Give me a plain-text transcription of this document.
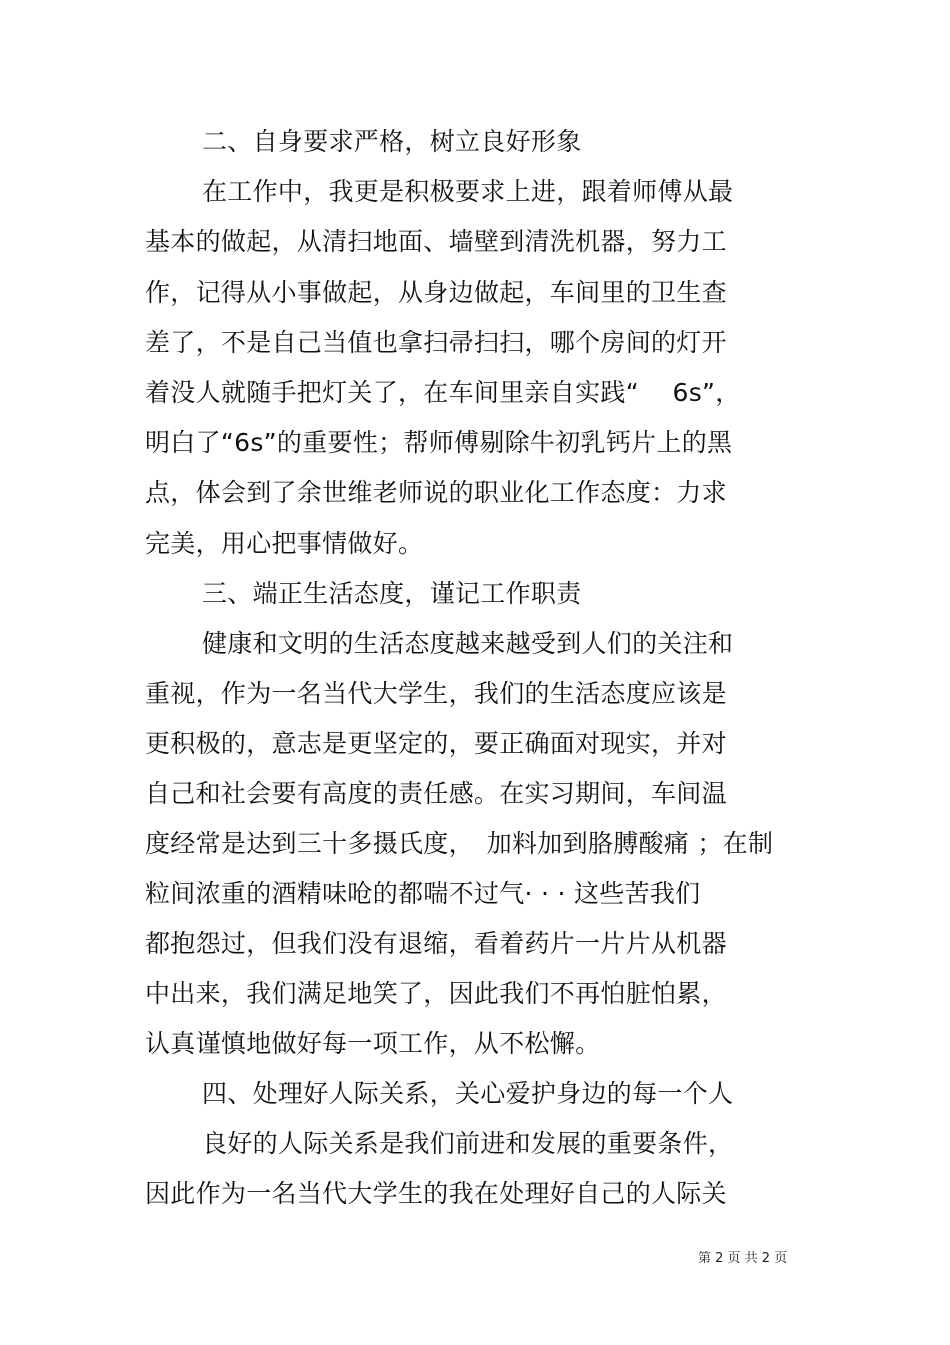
二、自身要求严格，树立良好形象
在工作中，我更是积极要求上进，跟着师傅从最
基本的做起，从清扫地面、墙壁到清洗机器，努力工
作，记得从小事做起，从身边做起，车间里的卫生查
差了，不是自己当值也拿扫帚扫扫，哪个房间的灯开
着没人就随手把灯关了，在车间里亲自实践“　 6s”，
明白了“6s”的重要性；帮师傅剔除牛初乳钙片上的黑
点，体会到了余世维老师说的职业化工作态度：力求
完美，用心把事情做好。
三、端正生活态度，谨记工作职责
健康和文明的生活态度越来越受到人们的关注和
重视，作为一名当代大学生，我们的生活态度应该是
更积极的，意志是更坚定的，要正确面对现实，并对
自己和社会要有高度的责任感。在实习期间，车间温
度经常是达到三十多摄氏度，　加料加到胳膊酸痛 ；在制
粒间浓重的酒精味呛的都喘不过气· · · 这些苦我们
都抱怨过，但我们没有退缩，看着药片一片片从机器
中出来，我们满足地笑了，因此我们不再怕脏怕累，
认真谨慎地做好每一项工作，从不松懈。
四、处理好人际关系，关心爱护身边的每一个人
良好的人际关系是我们前进和发展的重要条件，
因此作为一名当代大学生的我在处理好自己的人际关
第 2 页 共 2 页
